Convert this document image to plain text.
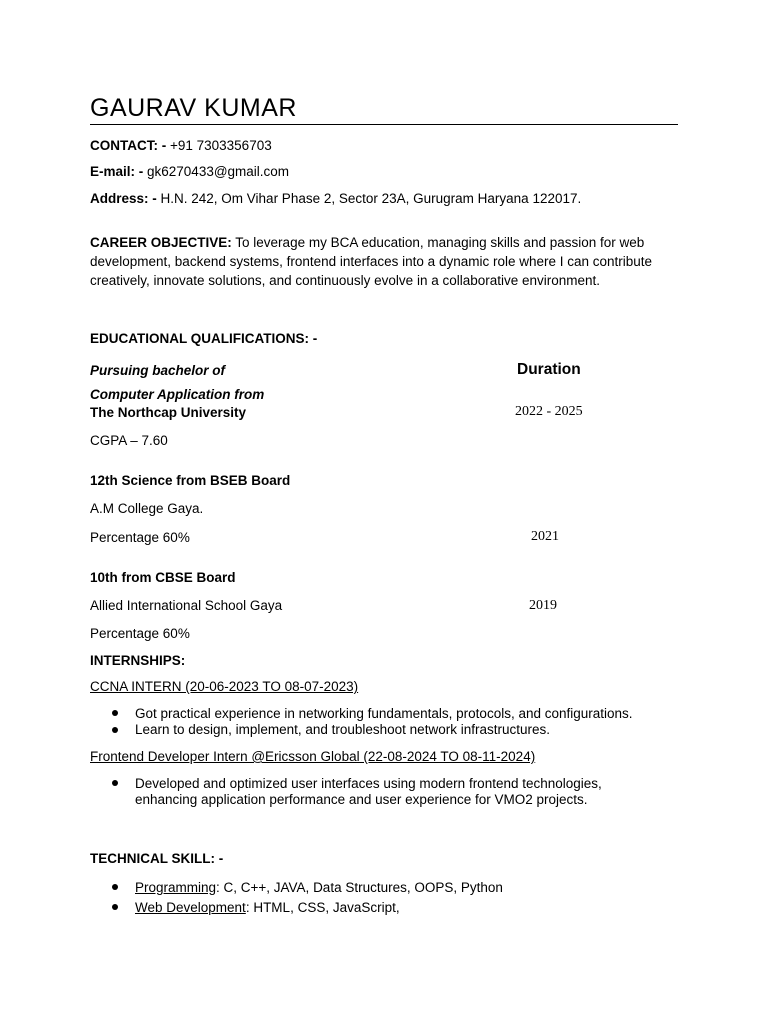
GAURAV KUMAR
CONTACT: - +91 7303356703
E-mail: - gk6270433@gmail.com
Address: - H.N. 242, Om Vihar Phase 2, Sector 23A, Gurugram Haryana 122017.
CAREER OBJECTIVE: To leverage my BCA education, managing skills and passion for web development, backend systems, frontend interfaces into a dynamic role where I can contribute creatively, innovate solutions, and continuously evolve in a collaborative environment.
EDUCATIONAL QUALIFICATIONS: -
Duration
Pursuing bachelor of
Computer Application from
The Northcap University	2022 - 2025
CGPA – 7.60
12th Science from BSEB Board
A.M College Gaya.
Percentage 60%	2021
10th from CBSE Board
Allied International School Gaya	2019
Percentage 60%
INTERNSHIPS:
CCNA INTERN (20-06-2023 TO 08-07-2023)
Got practical experience in networking fundamentals, protocols, and configurations.
Learn to design, implement, and troubleshoot network infrastructures.
Frontend Developer Intern @Ericsson Global (22-08-2024 TO 08-11-2024)
Developed and optimized user interfaces using modern frontend technologies,
enhancing application performance and user experience for VMO2 projects.
TECHNICAL SKILL: -
Programming: C, C++, JAVA, Data Structures, OOPS, Python
Web Development: HTML, CSS, JavaScript,
